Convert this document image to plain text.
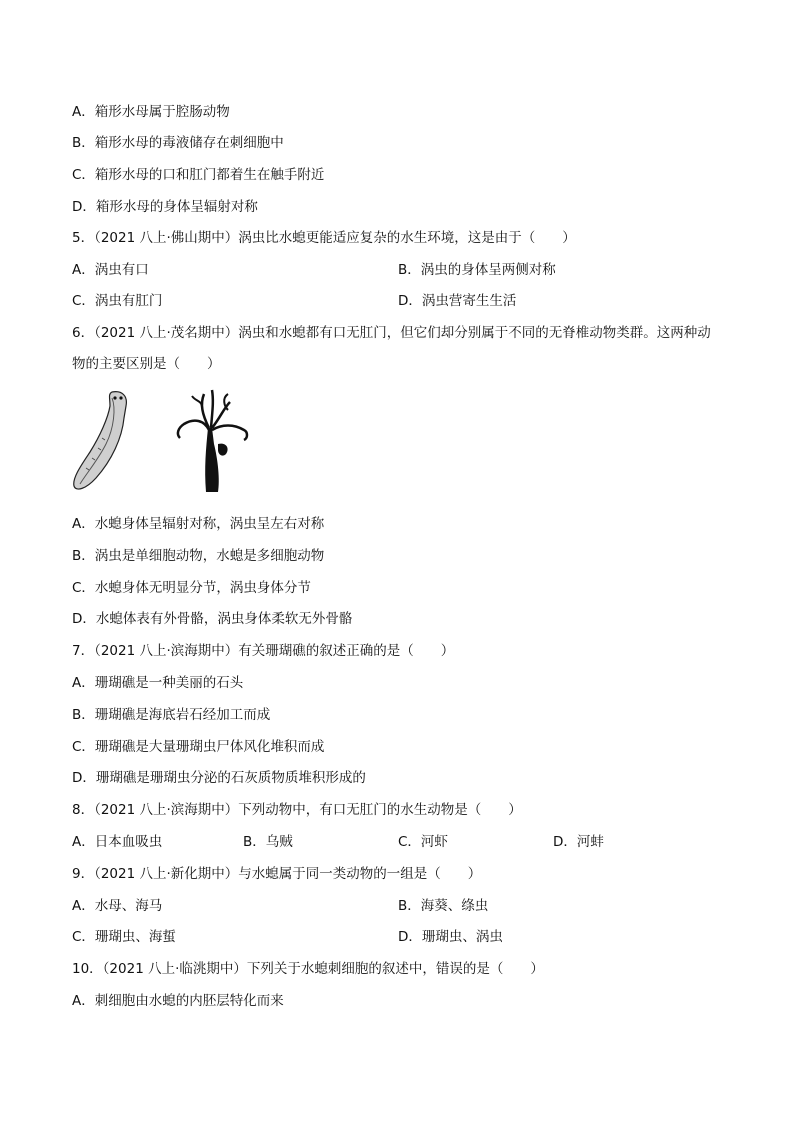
A．箱形水母属于腔肠动物
B．箱形水母的毒液储存在刺细胞中
C．箱形水母的口和肛门都着生在触手附近
D．箱形水母的身体呈辐射对称
5．（2021 八上·佛山期中）涡虫比水螅更能适应复杂的水生环境，这是由于（　　）
A．涡虫有口	B．涡虫的身体呈两侧对称
C．涡虫有肛门	D．涡虫营寄生生活
6．（2021 八上·茂名期中）涡虫和水螅都有口无肛门，但它们却分别属于不同的无脊椎动物类群。这两种动
物的主要区别是（　　）
A．水螅身体呈辐射对称，涡虫呈左右对称
B．涡虫是单细胞动物，水螅是多细胞动物
C．水螅身体无明显分节，涡虫身体分节
D．水螅体表有外骨骼，涡虫身体柔软无外骨骼
7．（2021 八上·滨海期中）有关珊瑚礁的叙述正确的是（　　）
A．珊瑚礁是一种美丽的石头
B．珊瑚礁是海底岩石经加工而成
C．珊瑚礁是大量珊瑚虫尸体风化堆积而成
D．珊瑚礁是珊瑚虫分泌的石灰质物质堆积形成的
8．（2021 八上·滨海期中）下列动物中，有口无肛门的水生动物是（　　）
A．日本血吸虫	B．乌贼	C．河虾	D．河蚌
9．（2021 八上·新化期中）与水螅属于同一类动物的一组是（　　）
A．水母、海马	B．海葵、绦虫
C．珊瑚虫、海蜇	D．珊瑚虫、涡虫
10．（2021 八上·临洮期中）下列关于水螅刺细胞的叙述中，错误的是（　　）
A．刺细胞由水螅的内胚层特化而来
